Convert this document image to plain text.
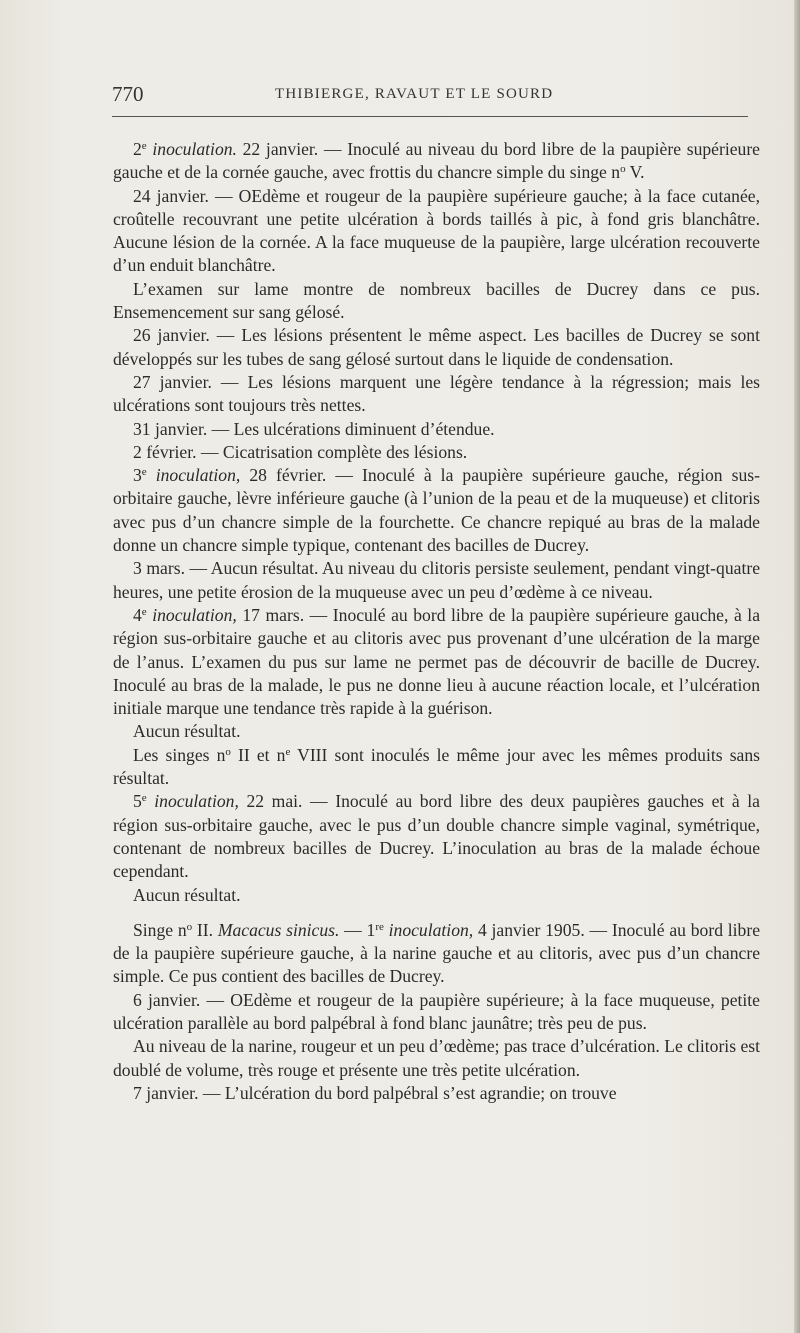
770	THIBIERGE, RAVAUT ET LE SOURD

2e inoculation. 22 janvier. — Inoculé au niveau du bord libre de la paupière supérieure gauche et de la cornée gauche, avec frottis du chancre simple du singe $n^o$ V.

24 janvier. — OEdème et rougeur de la paupière supérieure gauche; à la face cutanée, croûtelle recouvrant une petite ulcération à bords taillés à pic, à fond gris blanchâtre. Aucune lésion de la cornée. A la face muqueuse de la paupière, large ulcération recouverte d’un enduit blanchâtre.

L’examen sur lame montre de nombreux bacilles de Ducrey dans ce pus. Ensemencement sur sang gélosé.

26 janvier. — Les lésions présentent le même aspect. Les bacilles de Ducrey se sont développés sur les tubes de sang gélosé surtout dans le liquide de condensation.

27 janvier. — Les lésions marquent une légère tendance à la régression; mais les ulcérations sont toujours très nettes.

31 janvier. — Les ulcérations diminuent d’étendue.

2 février. — Cicatrisation complète des lésions.

3e inoculation, 28 février. — Inoculé à la paupière supérieure gauche, région sus-orbitaire gauche, lèvre inférieure gauche (à l’union de la peau et de la muqueuse) et clitoris avec pus d’un chancre simple de la fourchette. Ce chancre repiqué au bras de la malade donne un chancre simple typique, contenant des bacilles de Ducrey.

3 mars. — Aucun résultat. Au niveau du clitoris persiste seulement, pendant vingt-quatre heures, une petite érosion de la muqueuse avec un peu d’œdème à ce niveau.

4e inoculation, 17 mars. — Inoculé au bord libre de la paupière supérieure gauche, à la région sus-orbitaire gauche et au clitoris avec pus provenant d’une ulcération de la marge de l’anus. L’examen du pus sur lame ne permet pas de découvrir de bacille de Ducrey. Inoculé au bras de la malade, le pus ne donne lieu à aucune réaction locale, et l’ulcération initiale marque une tendance très rapide à la guérison.

Aucun résultat.

Les singes $n^o$ II et $n^e$ VIII sont inoculés le même jour avec les mêmes produits sans résultat.

5e inoculation, 22 mai. — Inoculé au bord libre des deux paupières gauches et à la région sus-orbitaire gauche, avec le pus d’un double chancre simple vaginal, symétrique, contenant de nombreux bacilles de Ducrey. L’inoculation au bras de la malade échoue cependant.

Aucun résultat.

Singe $n^o$ II. Macacus sinicus. — 1re inoculation, 4 janvier 1905. — Inoculé au bord libre de la paupière supérieure gauche, à la narine gauche et au clitoris, avec pus d’un chancre simple. Ce pus contient des bacilles de Ducrey.

6 janvier. — OEdème et rougeur de la paupière supérieure; à la face muqueuse, petite ulcération parallèle au bord palpébral à fond blanc jaunâtre; très peu de pus.

Au niveau de la narine, rougeur et un peu d’œdème; pas trace d’ulcération. Le clitoris est doublé de volume, très rouge et présente une très petite ulcération.

7 janvier. — L’ulcération du bord palpébral s’est agrandie; on trouve
